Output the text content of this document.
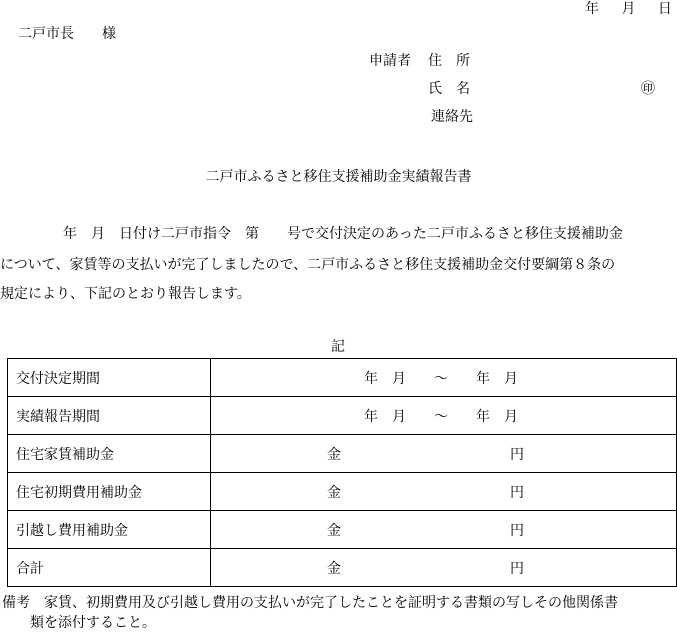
年 月 日
二戸市長　　様
申請者 住　所
氏　名	㊞
連絡先
二戸市ふるさと移住支援補助金実績報告書
年　月　日付け二戸市指令　第　　号で交付決定のあった二戸市ふるさと移住支援補助金
について、家賃等の支払いが完了しましたので、二戸市ふるさと移住支援補助金交付要綱第８条の
規定により、下記のとおり報告します。
記
交付決定期間	年　月　　～　　年　月

実績報告期間	年　月　　～　　年　月

住宅家賃補助金	金 円

住宅初期費用補助金	金 円

引越し費用補助金	金 円

合計	金 円
備考　家賃、初期費用及び引越し費用の支払いが完了したことを証明する書類の写しその他関係書
類を添付すること。
